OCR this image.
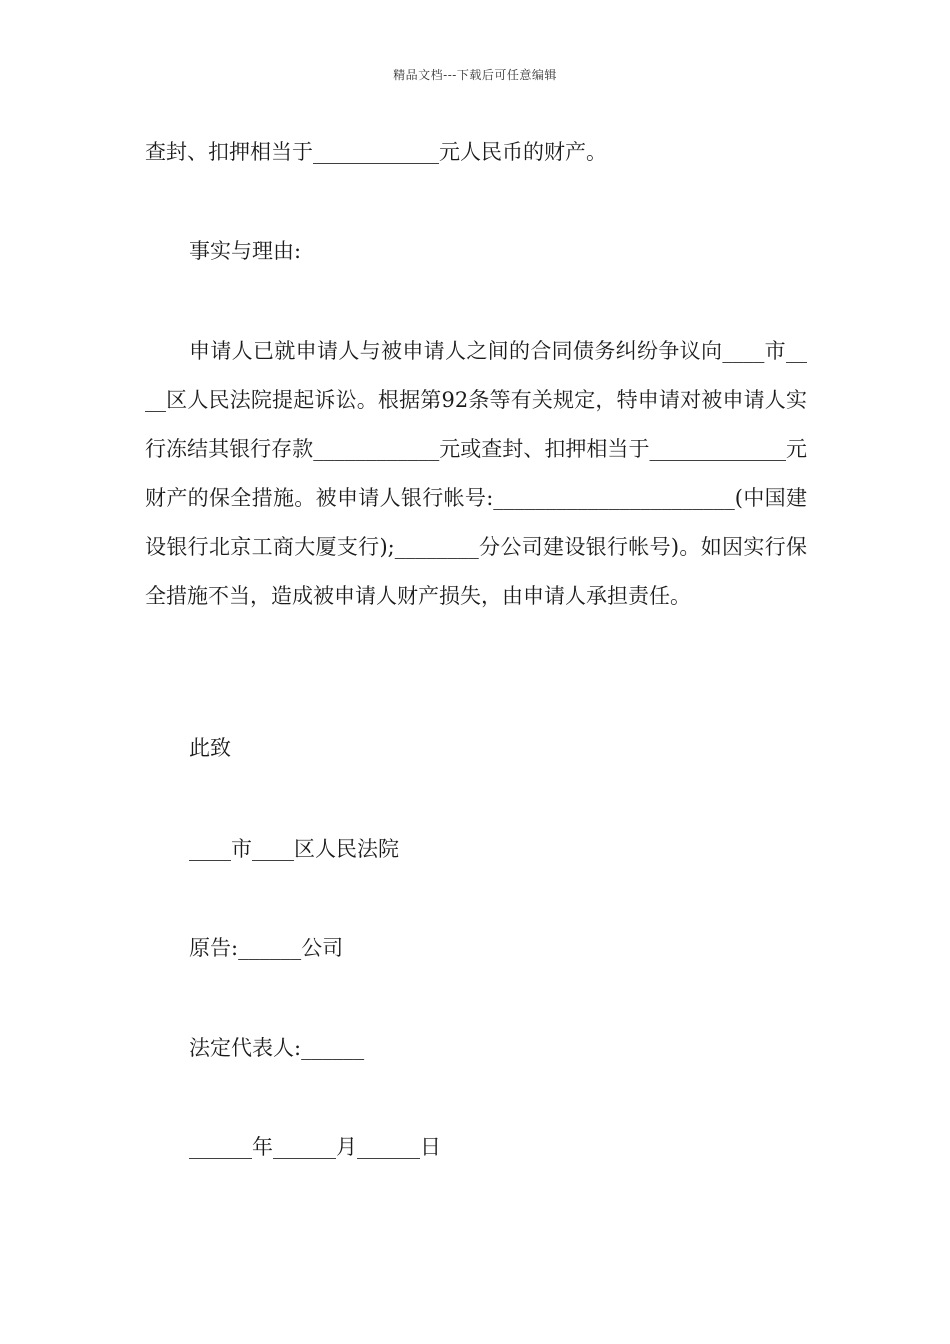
精品文档---下载后可任意编辑
查封、扣押相当于____________元人民币的财产。
事实与理由:
申请人已就申请人与被申请人之间的合同债务纠纷争议向____市____区人民法院提起诉讼。根据第92条等有关规定，特申请对被申请人实行冻结其银行存款____________元或查封、扣押相当于_____________元财产的保全措施。被申请人银行帐号:_______________________(中国建设银行北京工商大厦支行);________分公司建设银行帐号)。如因实行保全措施不当，造成被申请人财产损失，由申请人承担责任。
此致
____市____区人民法院
原告:______公司
法定代表人:______
______年______月______日
